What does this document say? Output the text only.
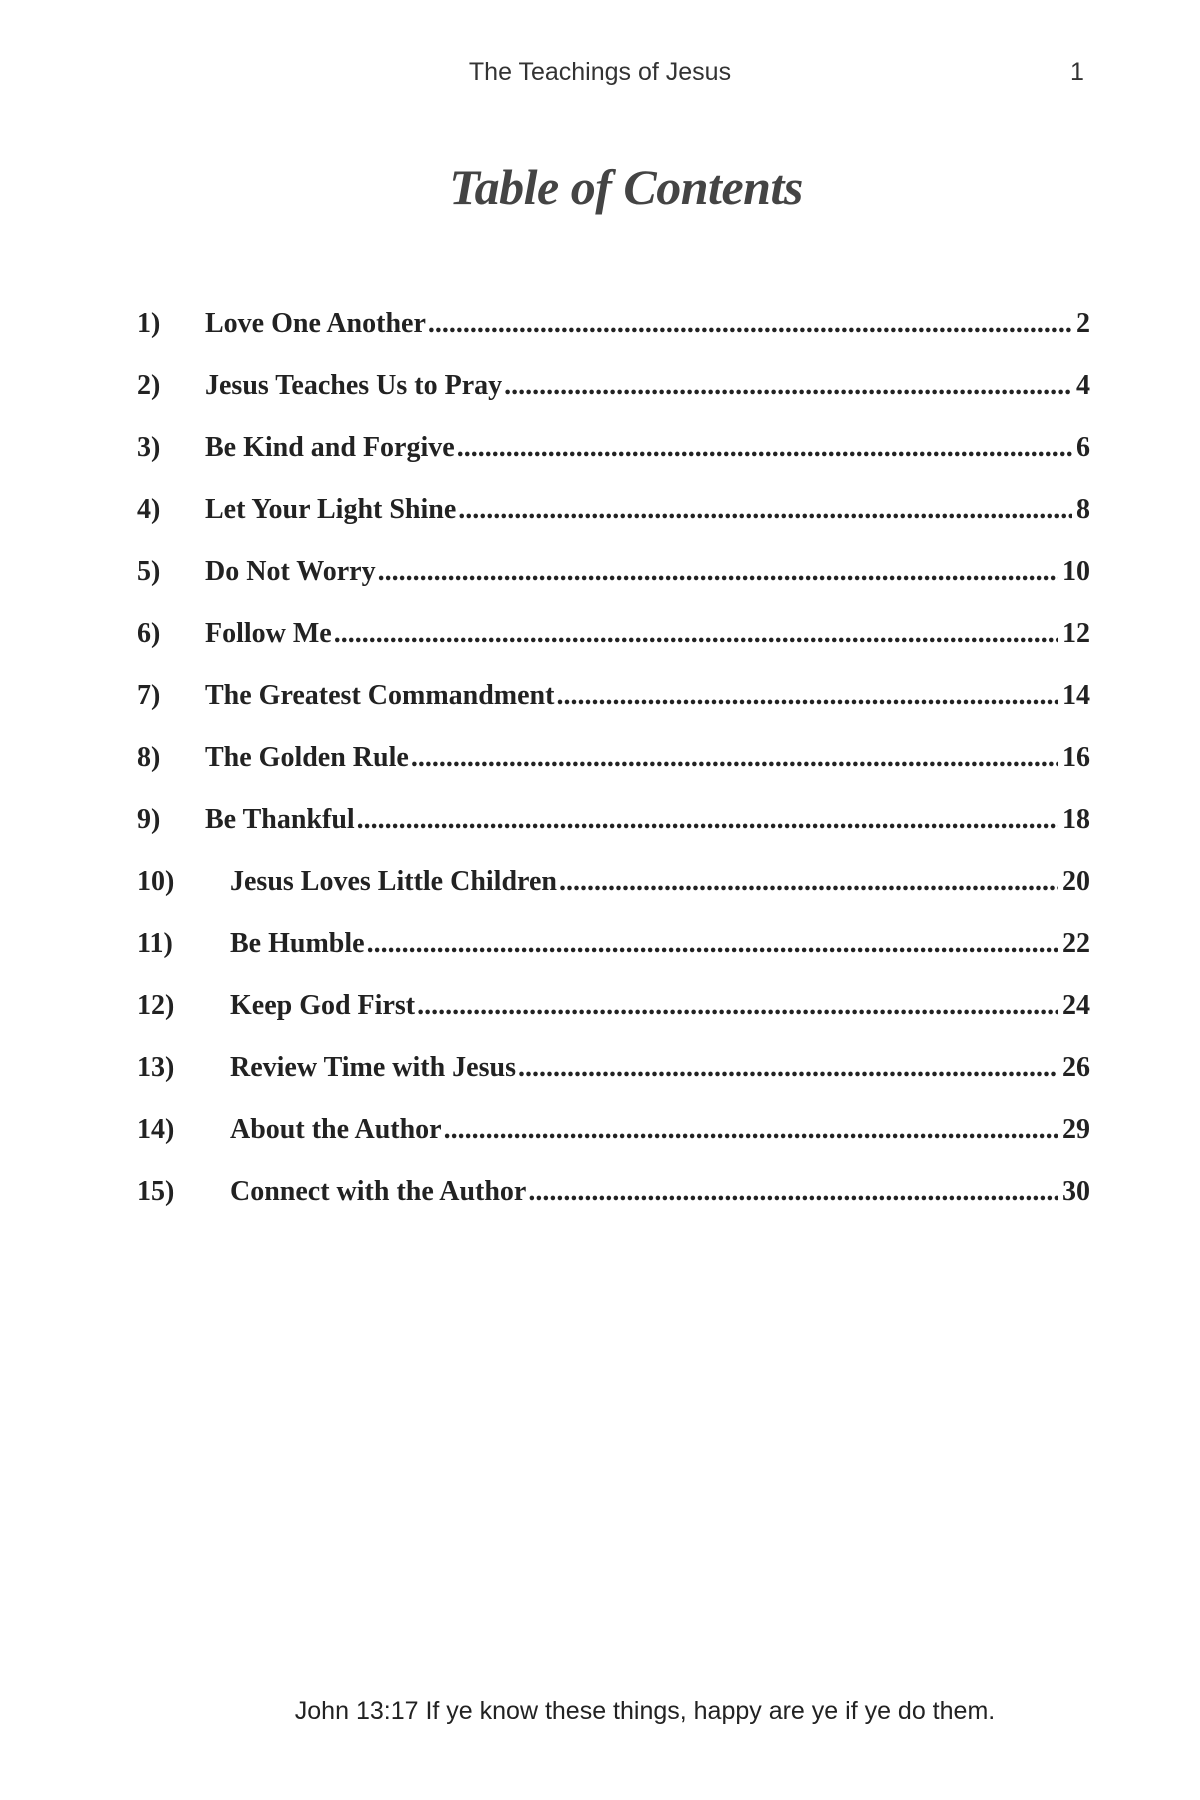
The Teachings of Jesus	1
Table of Contents
1)	Love One Another .....	2
2)	Jesus Teaches Us to Pray .....	4
3)	Be Kind and Forgive .....	6
4)	Let Your Light Shine .....	8
5)	Do Not Worry .....	10
6)	Follow Me .....	12
7)	The Greatest Commandment .....	14
8)	The Golden Rule .....	16
9)	Be Thankful .....	18
10)	Jesus Loves Little Children .....	20
11)	Be Humble .....	22
12)	Keep God First .....	24
13)	Review Time with Jesus .....	26
14)	About the Author .....	29
15)	Connect with the Author .....	30
John 13:17 If ye know these things, happy are ye if ye do them.
